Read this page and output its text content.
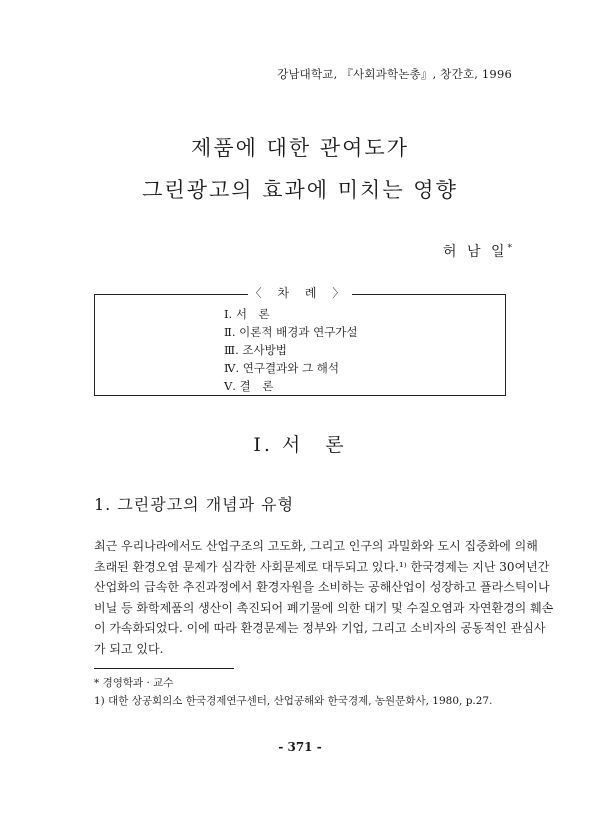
강남대학교, 『사회과학논총』, 창간호, 1996
제품에 대한 관여도가
그린광고의 효과에 미치는 영향
허 남 일*
〈 차 례 〉
Ⅰ. 서　론
Ⅱ. 이론적 배경과 연구가설
Ⅲ. 조사방법
Ⅳ. 연구결과와 그 해석
Ⅴ. 결　론
Ⅰ. 서　론
1. 그린광고의 개념과 유형
최근 우리나라에서도 산업구조의 고도화, 그리고 인구의 과밀화와 도시 집중화에 의해
초래된 환경오염 문제가 심각한 사회문제로 대두되고 있다.¹⁾ 한국경제는 지난 30여년간
산업화의 급속한 추진과정에서 환경자원을 소비하는 공해산업이 성장하고 플라스틱이나
비닐 등 화학제품의 생산이 촉진되어 폐기물에 의한 대기 및 수질오염과 자연환경의 훼손
이 가속화되었다. 이에 따라 환경문제는 정부와 기업, 그리고 소비자의 공동적인 관심사
가 되고 있다.
* 경영학과 · 교수
1) 대한 상공회의소 한국경제연구센터, 산업공해와 한국경제, 농원문화사, 1980, p.27.
- 371 -
